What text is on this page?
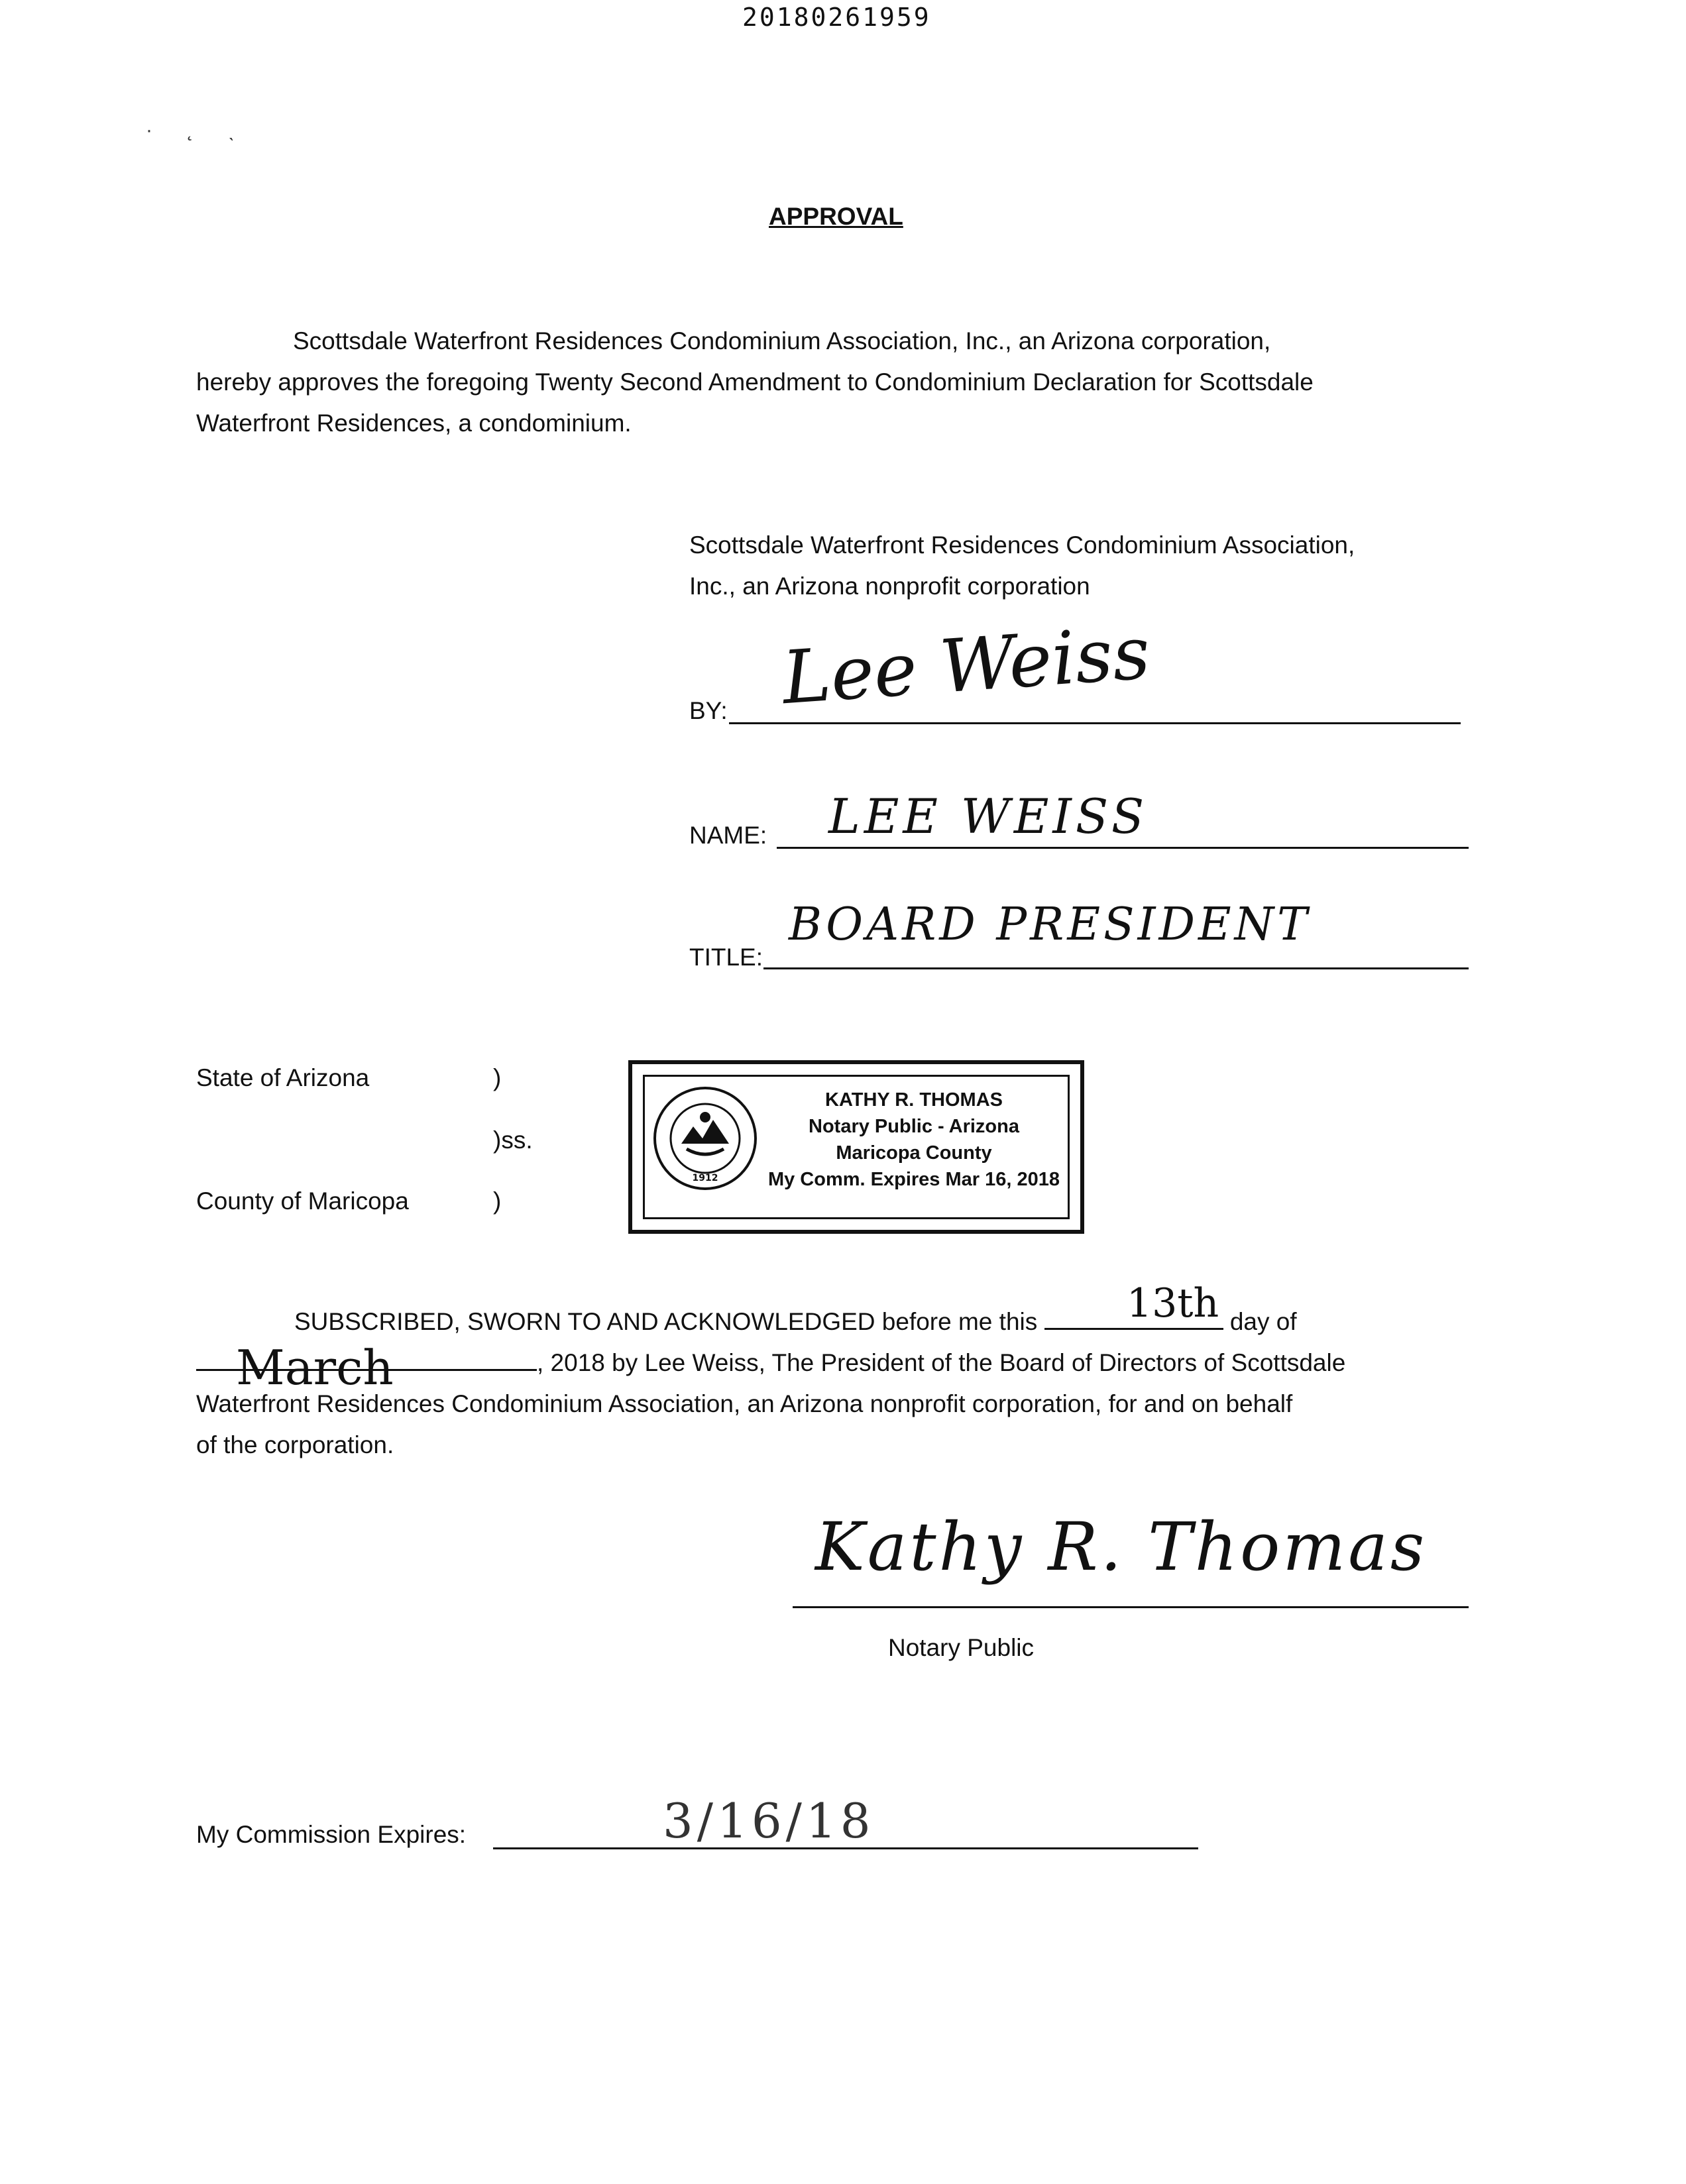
20180261959
· ˛ ˎ
APPROVAL
Scottsdale Waterfront Residences Condominium Association, Inc., an Arizona corporation,
hereby approves the foregoing Twenty Second Amendment to Condominium Declaration for Scottsdale
Waterfront Residences, a condominium.
Scottsdale Waterfront Residences Condominium Association,
Inc., an Arizona nonprofit corporation
BY: Lee Weiss
NAME: LEE WEISS
TITLE:
BOARD PRESIDENT
State of Arizona	)
)ss.
County of Maricopa	)
1912
KATHY R. THOMAS
Notary Public - Arizona
Maricopa County
My Comm. Expires Mar 16, 2018
SUBSCRIBED, SWORN TO AND ACKNOWLEDGED before me this	day of
, 2018 by Lee Weiss, The President of the Board of Directors of Scottsdale
Waterfront Residences Condominium Association, an Arizona nonprofit corporation, for and on behalf
of the corporation.
13th
March
Kathy R. Thomas
Notary Public
My Commission Expires:	3/16/18
